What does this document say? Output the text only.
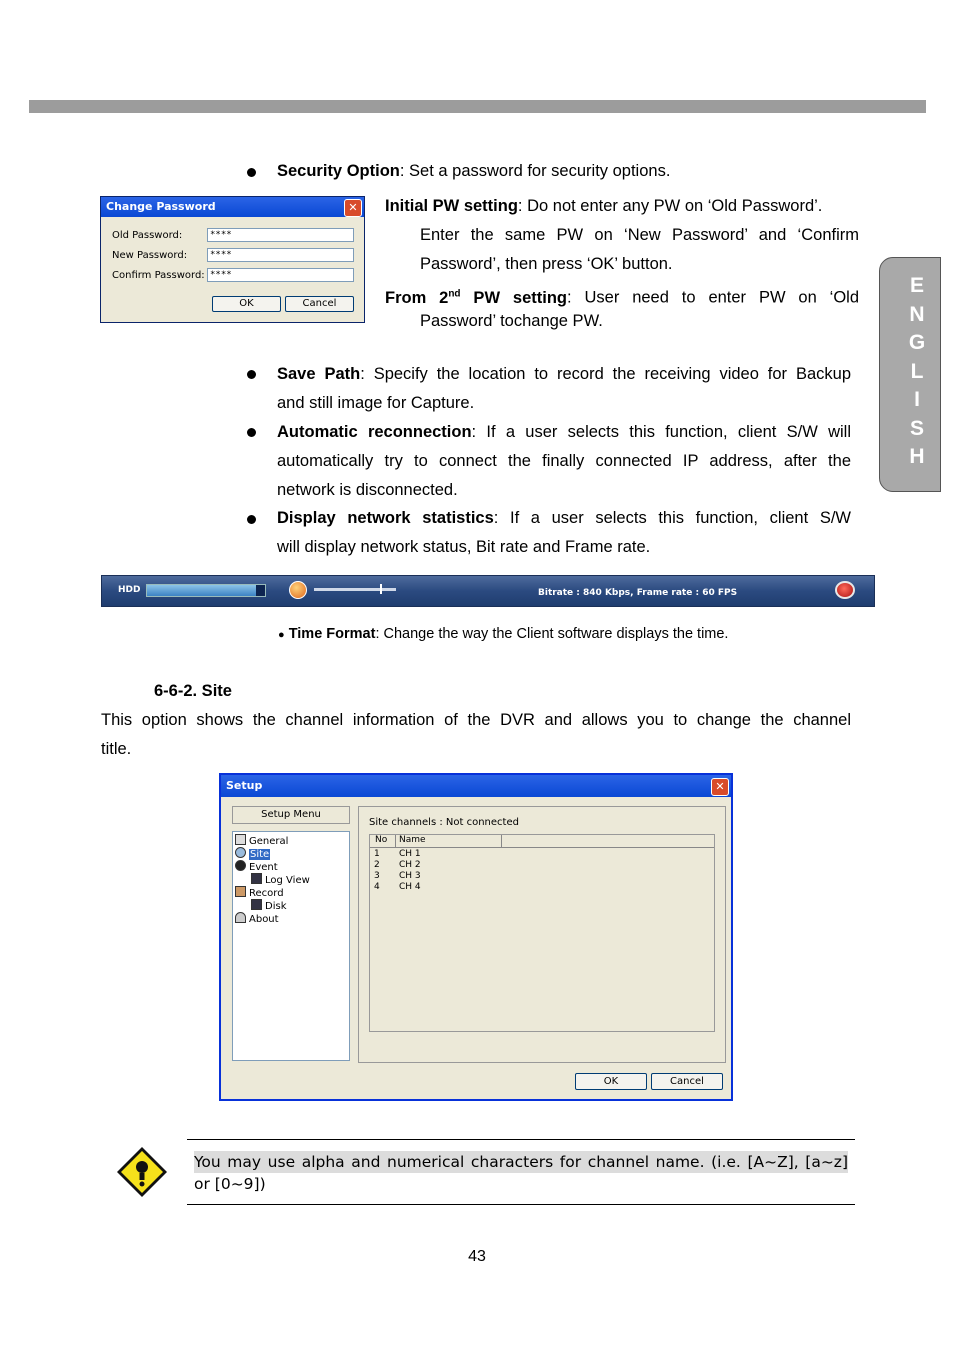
E
N
G
L
I
S
H
Security Option: Set a password for security options.
Change Password	✕
Old Password:	****
New Password:	****
Confirm Password: ****
OK	Cancel
Initial PW setting: Do not enter any PW on ‘Old Password’.
Enter the same PW on ‘New Password’ and ‘Confirm
Password’, then press ‘OK’ button.
From 2nd PW setting: User need to enter PW on ‘Old
Password’ tochange PW.
Save Path: Specify the location to record the receiving video for Backup
and still image for Capture.
Automatic reconnection: If a user selects this function, client S/W will
automatically try to connect the finally connected IP address, after the
network is disconnected.
Display network statistics: If a user selects this function, client S/W
will display network status, Bit rate and Frame rate.
HDD	Bitrate : 840 Kbps, Frame rate : 60 FPS
● Time Format: Change the way the Client software displays the time.
6-6-2. Site
This option shows the channel information of the DVR and allows you to change the channel
title.
Setup	✕
Setup Menu
General
Site
Event
Log View
Record
Disk
About
Site channels : Not connected
No Name
1 CH 1
2 CH 2
3 CH 3
4 CH 4
OK	Cancel
You may use alpha and numerical characters for channel name. (i.e. [A~Z], [a~z] or [0~9])
43
